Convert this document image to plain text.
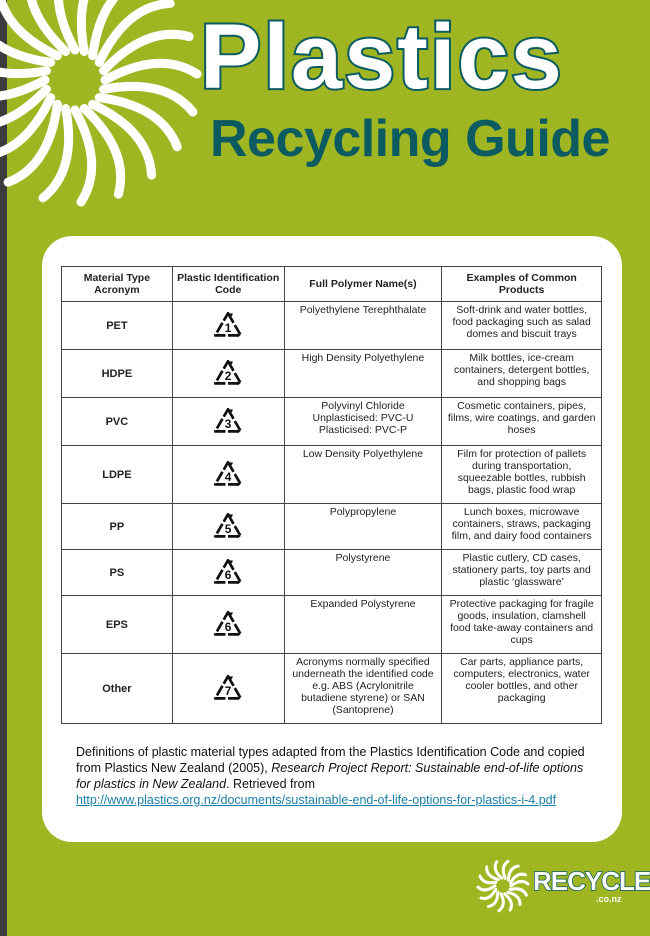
Plastics
Recycling Guide
Material Type Acronym	Plastic Identification Code	Full Polymer Name(s)	Examples of Common Products
PET	1	Polyethylene Terephthalate	Soft-drink and water bottles, food packaging such as salad domes and biscuit trays
HDPE	2	High Density Polyethylene	Milk bottles, ice-cream containers, detergent bottles, and shopping bags
PVC	3	Polyvinyl Chloride Unplasticised: PVC-U Plasticised: PVC-P	Cosmetic containers, pipes, films, wire coatings, and garden hoses
LDPE	4	Low Density Polyethylene	Film for protection of pallets during transportation, squeezable bottles, rubbish bags, plastic food wrap
PP	5	Polypropylene	Lunch boxes, microwave containers, straws, packaging film, and dairy food containers
PS	6	Polystyrene	Plastic cutlery, CD cases, stationery parts, toy parts and plastic ‘glassware’
EPS	6	Expanded Polystyrene	Protective packaging for fragile goods, insulation, clamshell food take-away containers and cups
Other	7	Acronyms normally specified underneath the identified code e.g. ABS (Acrylonitrile butadiene styrene) or SAN (Santoprene)	Car parts, appliance parts, computers, electronics, water cooler bottles, and other packaging
Definitions of plastic material types adapted from the Plastics Identification Code and copied from Plastics New Zealand (2005), Research Project Report: Sustainable end-of-life options for plastics in New Zealand. Retrieved from
http://www.plastics.org.nz/documents/sustainable-end-of-life-options-for-plastics-i-4.pdf
RECYCLE
.co.nz
